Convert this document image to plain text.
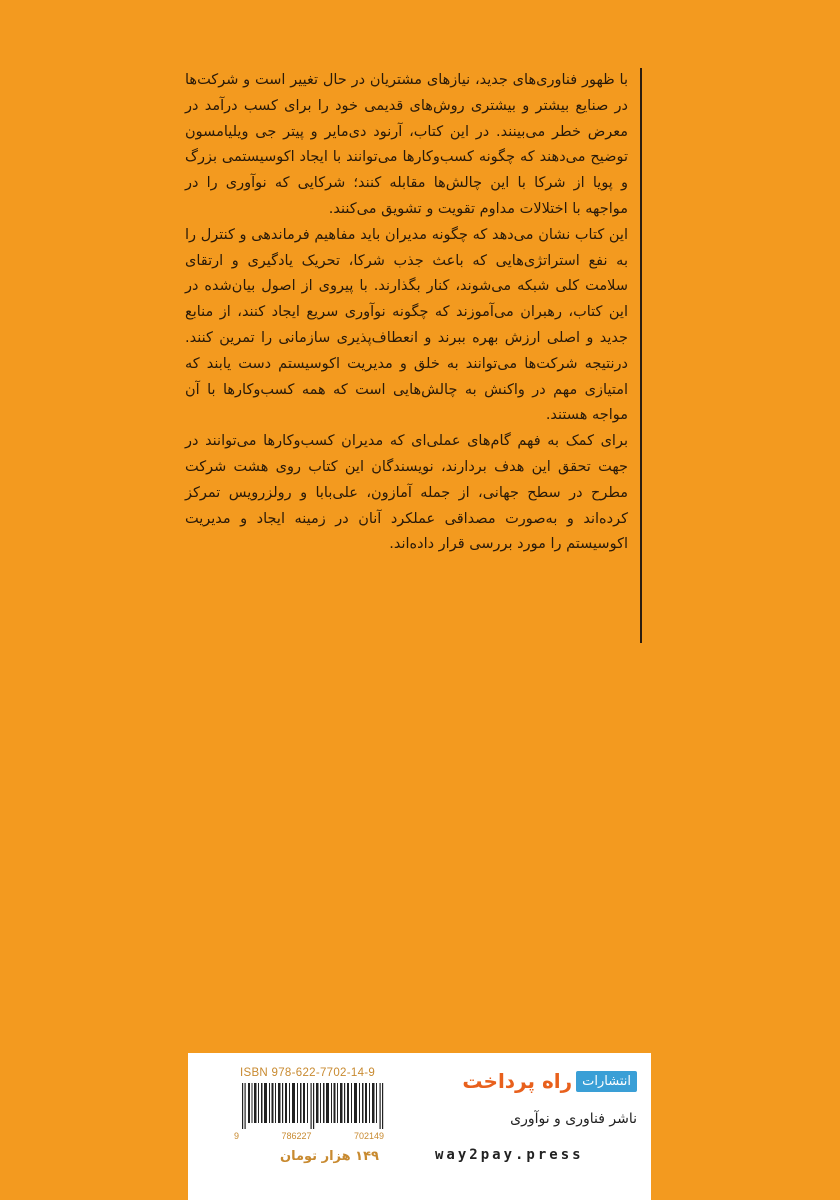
با ظهور فناوری‌های جدید، نیازهای مشتریان در حال تغییر است و شرکت‌ها در صنایع بیشتر و بیشتری روش‌های قدیمی خود را برای کسب درآمد در معرض خطر می‌بینند. در این کتاب، آرنود دی‌مایر و پیتر جی ویلیامسون توضیح می‌دهند که چگونه کسب‌وکارها می‌توانند با ایجاد اکوسیستمی بزرگ و پویا از شرکا با این چالش‌ها مقابله کنند؛ شرکایی که نوآوری را در مواجهه با اختلالات مداوم تقویت و تشویق می‌کنند.

این کتاب نشان می‌دهد که چگونه مدیران باید مفاهیم فرماندهی و کنترل را به نفع استراتژی‌هایی که باعث جذب شرکا، تحریک یادگیری و ارتقای سلامت کلی شبکه می‌شوند، کنار بگذارند. با پیروی از اصول بیان‌شده در این کتاب، رهبران می‌آموزند که چگونه نوآوری سریع ایجاد کنند، از منابع جدید و اصلی ارزش بهره ببرند و انعطاف‌پذیری سازمانی را تمرین کنند. درنتیجه شرکت‌ها می‌توانند به خلق و مدیریت اکوسیستم دست یابند که امتیازی مهم در واکنش به چالش‌هایی است که همه کسب‌وکارها با آن مواجه هستند.

برای کمک به فهم گام‌های عملی‌ای که مدیران کسب‌وکارها می‌توانند در جهت تحقق این هدف بردارند، نویسندگان این کتاب روی هشت شرکت مطرح در سطح جهانی، از جمله آمازون، علی‌بابا و رولزرویس تمرکز کرده‌اند و به‌صورت مصداقی عملکرد آنان در زمینه ایجاد و مدیریت اکوسیستم را مورد بررسی قرار داده‌اند.

ISBN 978-622-7702-14-9
9	786227	702149
۱۴۹ هزار تومان
انتشارات
راه پرداخت
ناشر فناوری و نوآوری
way2pay.press
